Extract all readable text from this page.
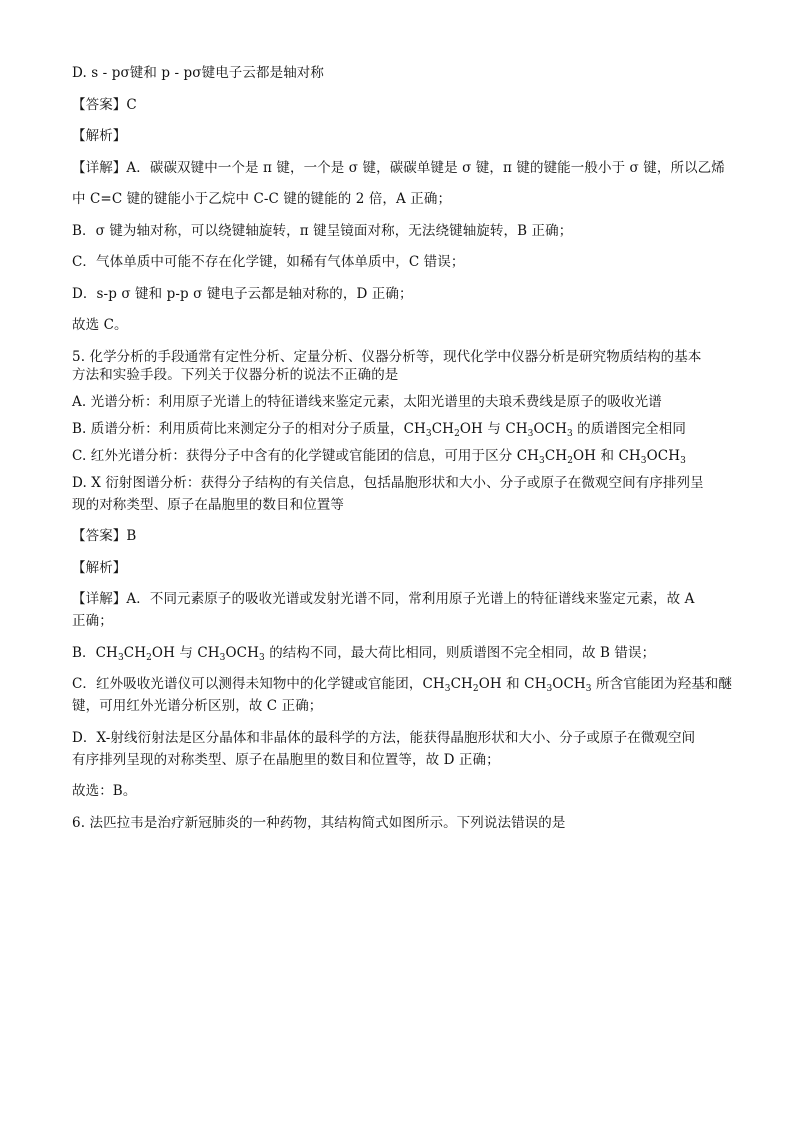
D. s - pσ键和 p - pσ键电子云都是轴对称

【答案】C

【解析】

【详解】A．碳碳双键中一个是 π 键，一个是 σ 键，碳碳单键是 σ 键，π 键的键能一般小于 σ 键，所以乙烯

中 C=C 键的键能小于乙烷中 C-C 键的键能的 2 倍，A 正确；

B．σ 键为轴对称，可以绕键轴旋转，π 键呈镜面对称，无法绕键轴旋转，B 正确；

C．气体单质中可能不存在化学键，如稀有气体单质中，C 错误；

D．s-p σ 键和 p-p σ 键电子云都是轴对称的，D 正确；

故选 C。

5. 化学分析的手段通常有定性分析、定量分析、仪器分析等，现代化学中仪器分析是研究物质结构的基本

方法和实验手段。下列关于仪器分析的说法不正确的是

A. 光谱分析：利用原子光谱上的特征谱线来鉴定元素，太阳光谱里的夫琅禾费线是原子的吸收光谱

B. 质谱分析：利用质荷比来测定分子的相对分子质量，$CH_3CH_2OH$ 与 $CH_3OCH_3$ 的质谱图完全相同

C. 红外光谱分析：获得分子中含有的化学键或官能团的信息，可用于区分 $CH_3CH_2OH$ 和 $CH_3OCH_3$

D. X 衍射图谱分析：获得分子结构的有关信息，包括晶胞形状和大小、分子或原子在微观空间有序排列呈

现的对称类型、原子在晶胞里的数目和位置等

【答案】B

【解析】

【详解】A．不同元素原子的吸收光谱或发射光谱不同，常利用原子光谱上的特征谱线来鉴定元素，故 A

正确；

B．$CH_3CH_2OH$ 与 $CH_3OCH_3$ 的结构不同，最大荷比相同，则质谱图不完全相同，故 B 错误；

C．红外吸收光谱仪可以测得未知物中的化学键或官能团，$CH_3CH_2OH$ 和 $CH_3OCH_3$ 所含官能团为羟基和醚

键，可用红外光谱分析区别，故 C 正确；

D．X-射线衍射法是区分晶体和非晶体的最科学的方法，能获得晶胞形状和大小、分子或原子在微观空间

有序排列呈现的对称类型、原子在晶胞里的数目和位置等，故 D 正确；

故选：B。

6. 法匹拉韦是治疗新冠肺炎的一种药物，其结构简式如图所示。下列说法错误的是
